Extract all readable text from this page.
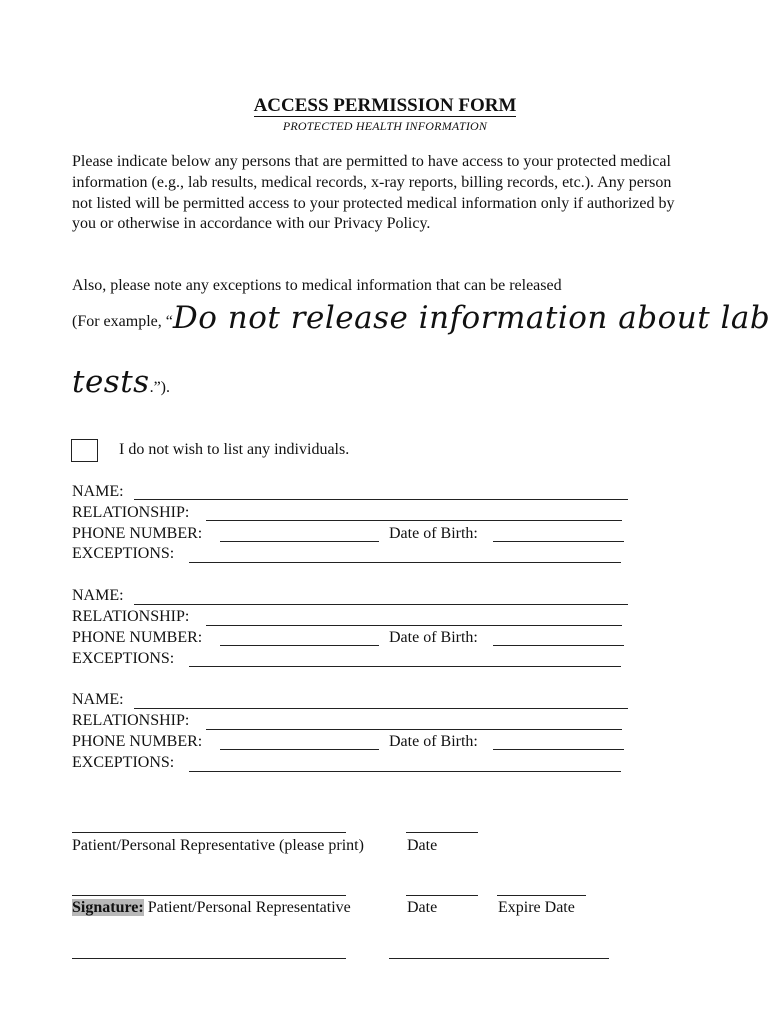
ACCESS PERMISSION FORM
PROTECTED HEALTH INFORMATION
Please indicate below any persons that are permitted to have access to your protected medical information (e.g., lab results, medical records, x-ray reports, billing records, etc.). Any person not listed will be permitted access to your protected medical information only if authorized by you or otherwise in accordance with our Privacy Policy.
Also, please note any exceptions to medical information that can be released
(For example, “Do not release information about lab
tests.”).
I do not wish to list any individuals.
NAME:
RELATIONSHIP:
PHONE NUMBER:	Date of Birth:
EXCEPTIONS:
NAME:
RELATIONSHIP:
PHONE NUMBER:	Date of Birth:
EXCEPTIONS:
NAME:
RELATIONSHIP:
PHONE NUMBER:	Date of Birth:
EXCEPTIONS:
Patient/Personal Representative (please print)	Date
Signature: Patient/Personal Representative	Date	Expire Date
